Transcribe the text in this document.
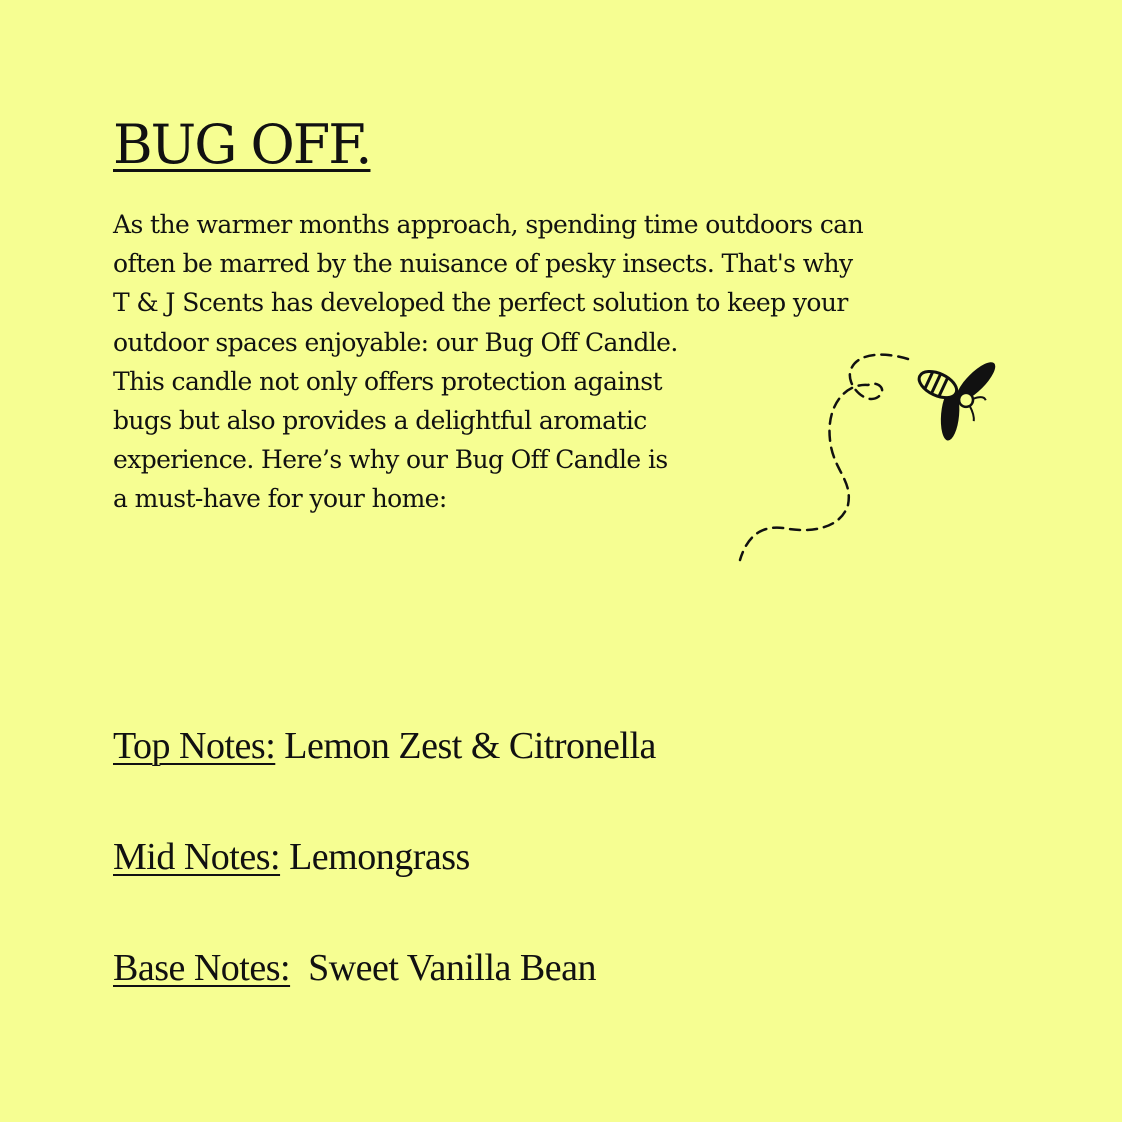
BUG OFF.

As the warmer months approach, spending time outdoors can
often be marred by the nuisance of pesky insects. That's why
T & J Scents has developed the perfect solution to keep your
outdoor spaces enjoyable: our Bug Off Candle.
This candle not only offers protection against
bugs but also provides a delightful aromatic
experience. Here’s why our Bug Off Candle is
a must-have for your home:

Top Notes: Lemon Zest & Citronella
Mid Notes: Lemongrass
Base Notes:  Sweet Vanilla Bean
